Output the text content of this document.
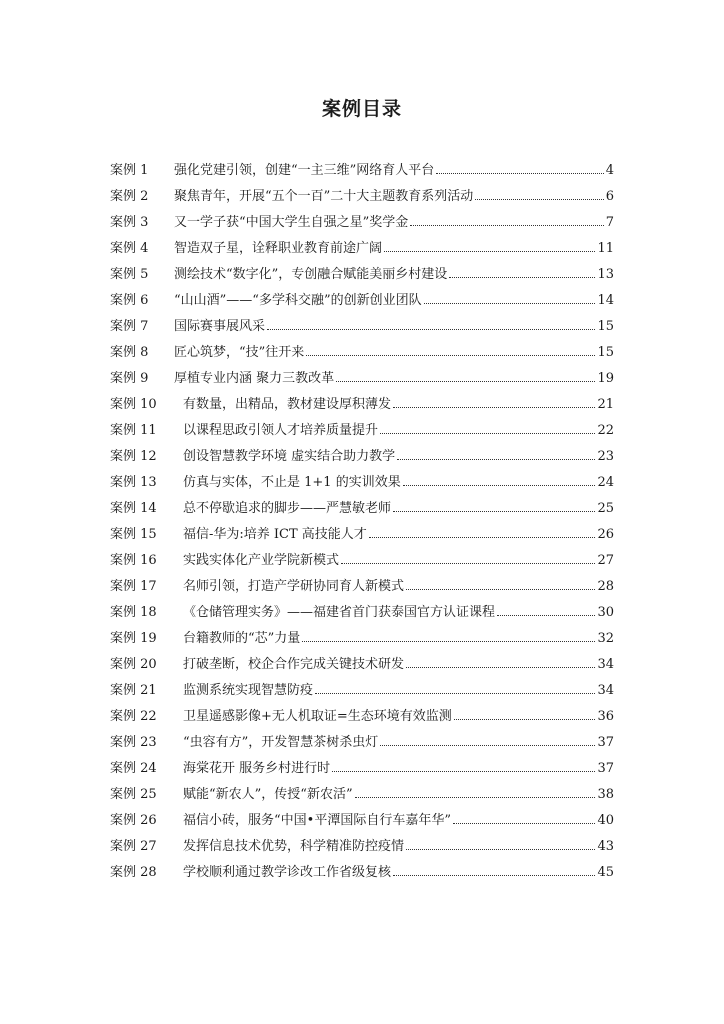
案例目录
案例 1	强化党建引领，创建“一主三维”网络育人平台	4
案例 2	聚焦青年，开展“五个一百”二十大主题教育系列活动	6
案例 3	又一学子获“中国大学生自强之星”奖学金	7
案例 4	智造双子星，诠释职业教育前途广阔	11
案例 5	测绘技术“数字化”，专创融合赋能美丽乡村建设	13
案例 6	“山山酒”——“多学科交融”的创新创业团队	14
案例 7	国际赛事展风采	15
案例 8	匠心筑梦，“技”往开来	15
案例 9	厚植专业内涵 聚力三教改革	19
案例 10	有数量，出精品，教材建设厚积薄发	21
案例 11	以课程思政引领人才培养质量提升	22
案例 12	创设智慧教学环境 虚实结合助力教学	23
案例 13	仿真与实体，不止是 1+1 的实训效果	24
案例 14	总不停歇追求的脚步——严慧敏老师	25
案例 15	福信-华为:培养 ICT 高技能人才	26
案例 16	实践实体化产业学院新模式	27
案例 17	名师引领，打造产学研协同育人新模式	28
案例 18	《仓储管理实务》——福建省首门获泰国官方认证课程	30
案例 19	台籍教师的“芯”力量	32
案例 20	打破垄断，校企合作完成关键技术研发	34
案例 21	监测系统实现智慧防疫	34
案例 22	卫星遥感影像+无人机取证=生态环境有效监测	36
案例 23	“虫容有方”，开发智慧茶树杀虫灯	37
案例 24	海棠花开 服务乡村进行时	37
案例 25	赋能“新农人”，传授“新农活”	38
案例 26	福信小砖，服务“中国•平潭国际自行车嘉年华”	40
案例 27	发挥信息技术优势，科学精准防控疫情	43
案例 28	学校顺利通过教学诊改工作省级复核	45
